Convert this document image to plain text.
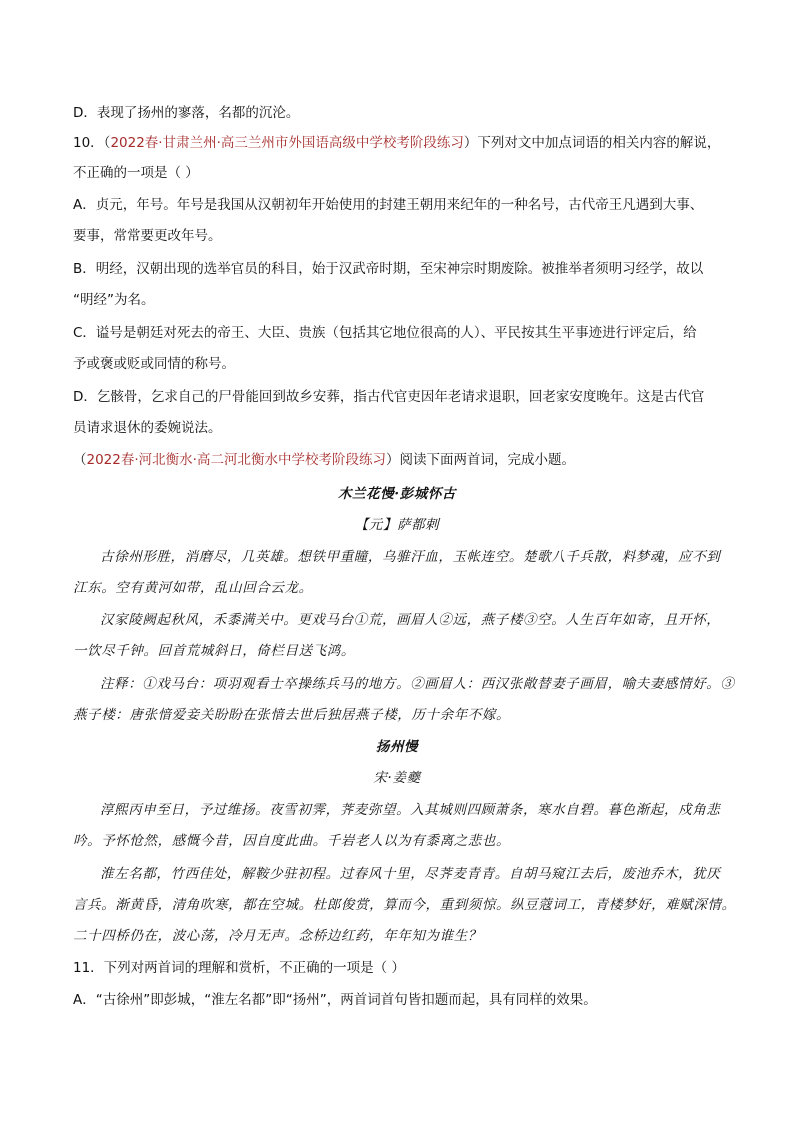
D．表现了扬州的寥落，名都的沉沦。
10．（2022春·甘肃兰州·高三兰州市外国语高级中学校考阶段练习）下列对文中加点词语的相关内容的解说，
不正确的一项是（ ）
A．贞元，年号。年号是我国从汉朝初年开始使用的封建王朝用来纪年的一种名号，古代帝王凡遇到大事、
要事，常常要更改年号。
B．明经，汉朝出现的选举官员的科目，始于汉武帝时期，至宋神宗时期废除。被推举者须明习经学，故以
“明经”为名。
C．谥号是朝廷对死去的帝王、大臣、贵族（包括其它地位很高的人）、平民按其生平事迹进行评定后，给
予或褒或贬或同情的称号。
D．乞骸骨，乞求自己的尸骨能回到故乡安葬，指古代官吏因年老请求退职，回老家安度晚年。这是古代官
员请求退休的委婉说法。
（2022春·河北衡水·高二河北衡水中学校考阶段练习）阅读下面两首词，完成小题。
木兰花慢·彭城怀古
【元】萨都剌
古徐州形胜，消磨尽，几英雄。想铁甲重瞳，乌骓汗血，玉帐连空。楚歌八千兵散，料梦魂，应不到
江东。空有黄河如带，乱山回合云龙。
汉家陵阙起秋风，禾黍满关中。更戏马台①荒，画眉人②远，燕子楼③空。人生百年如寄，且开怀，
一饮尽千钟。回首荒城斜日，倚栏目送飞鸿。
注释：①戏马台：项羽观看士卒操练兵马的地方。②画眉人：西汉张敞替妻子画眉，喻夫妻感情好。③
燕子楼：唐张愔爱妾关盼盼在张愔去世后独居燕子楼，历十余年不嫁。
扬州慢
宋·姜夔
淳熙丙申至日，予过维扬。夜雪初霁，荠麦弥望。入其城则四顾萧条，寒水自碧。暮色渐起，戍角悲
吟。予怀怆然，感慨今昔，因自度此曲。千岩老人以为有黍离之悲也。
淮左名都，竹西佳处，解鞍少驻初程。过春风十里，尽荠麦青青。自胡马窥江去后，废池乔木，犹厌
言兵。渐黄昏，清角吹寒，都在空城。杜郎俊赏，算而今，重到须惊。纵豆蔻词工，青楼梦好，难赋深情。
二十四桥仍在，波心荡，冷月无声。念桥边红药，年年知为谁生？
11．下列对两首词的理解和赏析，不正确的一项是（ ）
A．“古徐州”即彭城，“淮左名都”即“扬州”，两首词首句皆扣题而起，具有同样的效果。
